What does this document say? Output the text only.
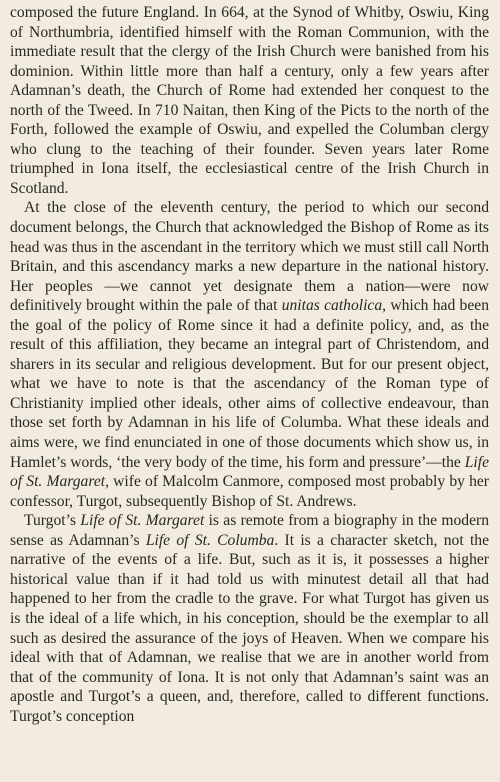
composed the future England. In 664, at the Synod of Whitby, Oswiu, King of Northumbria, identified himself with the Roman Communion, with the immediate result that the clergy of the Irish Church were banished from his dominion. Within little more than half a century, only a few years after Adamnan’s death, the Church of Rome had extended her conquest to the north of the Tweed. In 710 Naitan, then King of the Picts to the north of the Forth, followed the example of Oswiu, and expelled the Columban clergy who clung to the teaching of their founder. Seven years later Rome triumphed in Iona itself, the ecclesiastical centre of the Irish Church in Scotland.

At the close of the eleventh century, the period to which our second document belongs, the Church that acknowledged the Bishop of Rome as its head was thus in the ascendant in the territory which we must still call North Britain, and this ascendancy marks a new departure in the national history. Her peoples —we cannot yet designate them a nation—were now definitively brought within the pale of that unitas catholica, which had been the goal of the policy of Rome since it had a definite policy, and, as the result of this affiliation, they became an integral part of Christendom, and sharers in its secular and religious development. But for our present object, what we have to note is that the ascendancy of the Roman type of Christianity implied other ideals, other aims of collective endeavour, than those set forth by Adamnan in his life of Columba. What these ideals and aims were, we find enunciated in one of those documents which show us, in Hamlet’s words, ‘the very body of the time, his form and pressure’—the Life of St. Margaret, wife of Malcolm Canmore, composed most probably by her confessor, Turgot, subsequently Bishop of St. Andrews.

Turgot’s Life of St. Margaret is as remote from a biography in the modern sense as Adamnan’s Life of St. Columba. It is a character sketch, not the narrative of the events of a life. But, such as it is, it possesses a higher historical value than if it had told us with minutest detail all that had happened to her from the cradle to the grave. For what Turgot has given us is the ideal of a life which, in his conception, should be the exemplar to all such as desired the assurance of the joys of Heaven. When we compare his ideal with that of Adamnan, we realise that we are in another world from that of the community of Iona. It is not only that Adamnan’s saint was an apostle and Turgot’s a queen, and, therefore, called to different functions. Turgot’s conception
